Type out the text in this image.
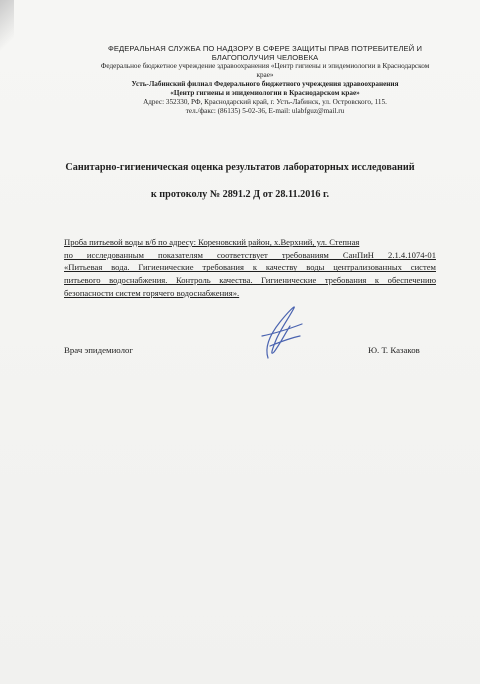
ФЕДЕРАЛЬНАЯ СЛУЖБА ПО НАДЗОРУ В СФЕРЕ ЗАЩИТЫ ПРАВ ПОТРЕБИТЕЛЕЙ И
БЛАГОПОЛУЧИЯ ЧЕЛОВЕКА
Федеральное бюджетное учреждение здравоохранения «Центр гигиены и эпидемиологии в Краснодарском
крае»
Усть-Лабинский филиал Федерального бюджетного учреждения здравоохранения
«Центр гигиены и эпидемиологии в Краснодарском крае»
Адрес: 352330, РФ, Краснодарский край, г. Усть-Лабинск, ул. Островского, 115.
тел./факс: (86135) 5-02-36, E-mail: ulabfguz@mail.ru
Санитарно-гигиеническая оценка результатов лабораторных исследований
к протоколу № 2891.2 Д от 28.11.2016 г.
Проба питьевой воды в/б по адресу: Кореновский район, х.Верхний, ул. Степная
по исследованным показателям соответствует требованиям СанПиН 2.1.4.1074-01
«Питьевая вода. Гигиенические требования к качеству воды централизованных систем
питьевого водоснабжения. Контроль качества. Гигиенические требования к обеспечению
безопасности систем горячего водоснабжения».
Врач эпидемиолог	Ю. Т. Казаков
